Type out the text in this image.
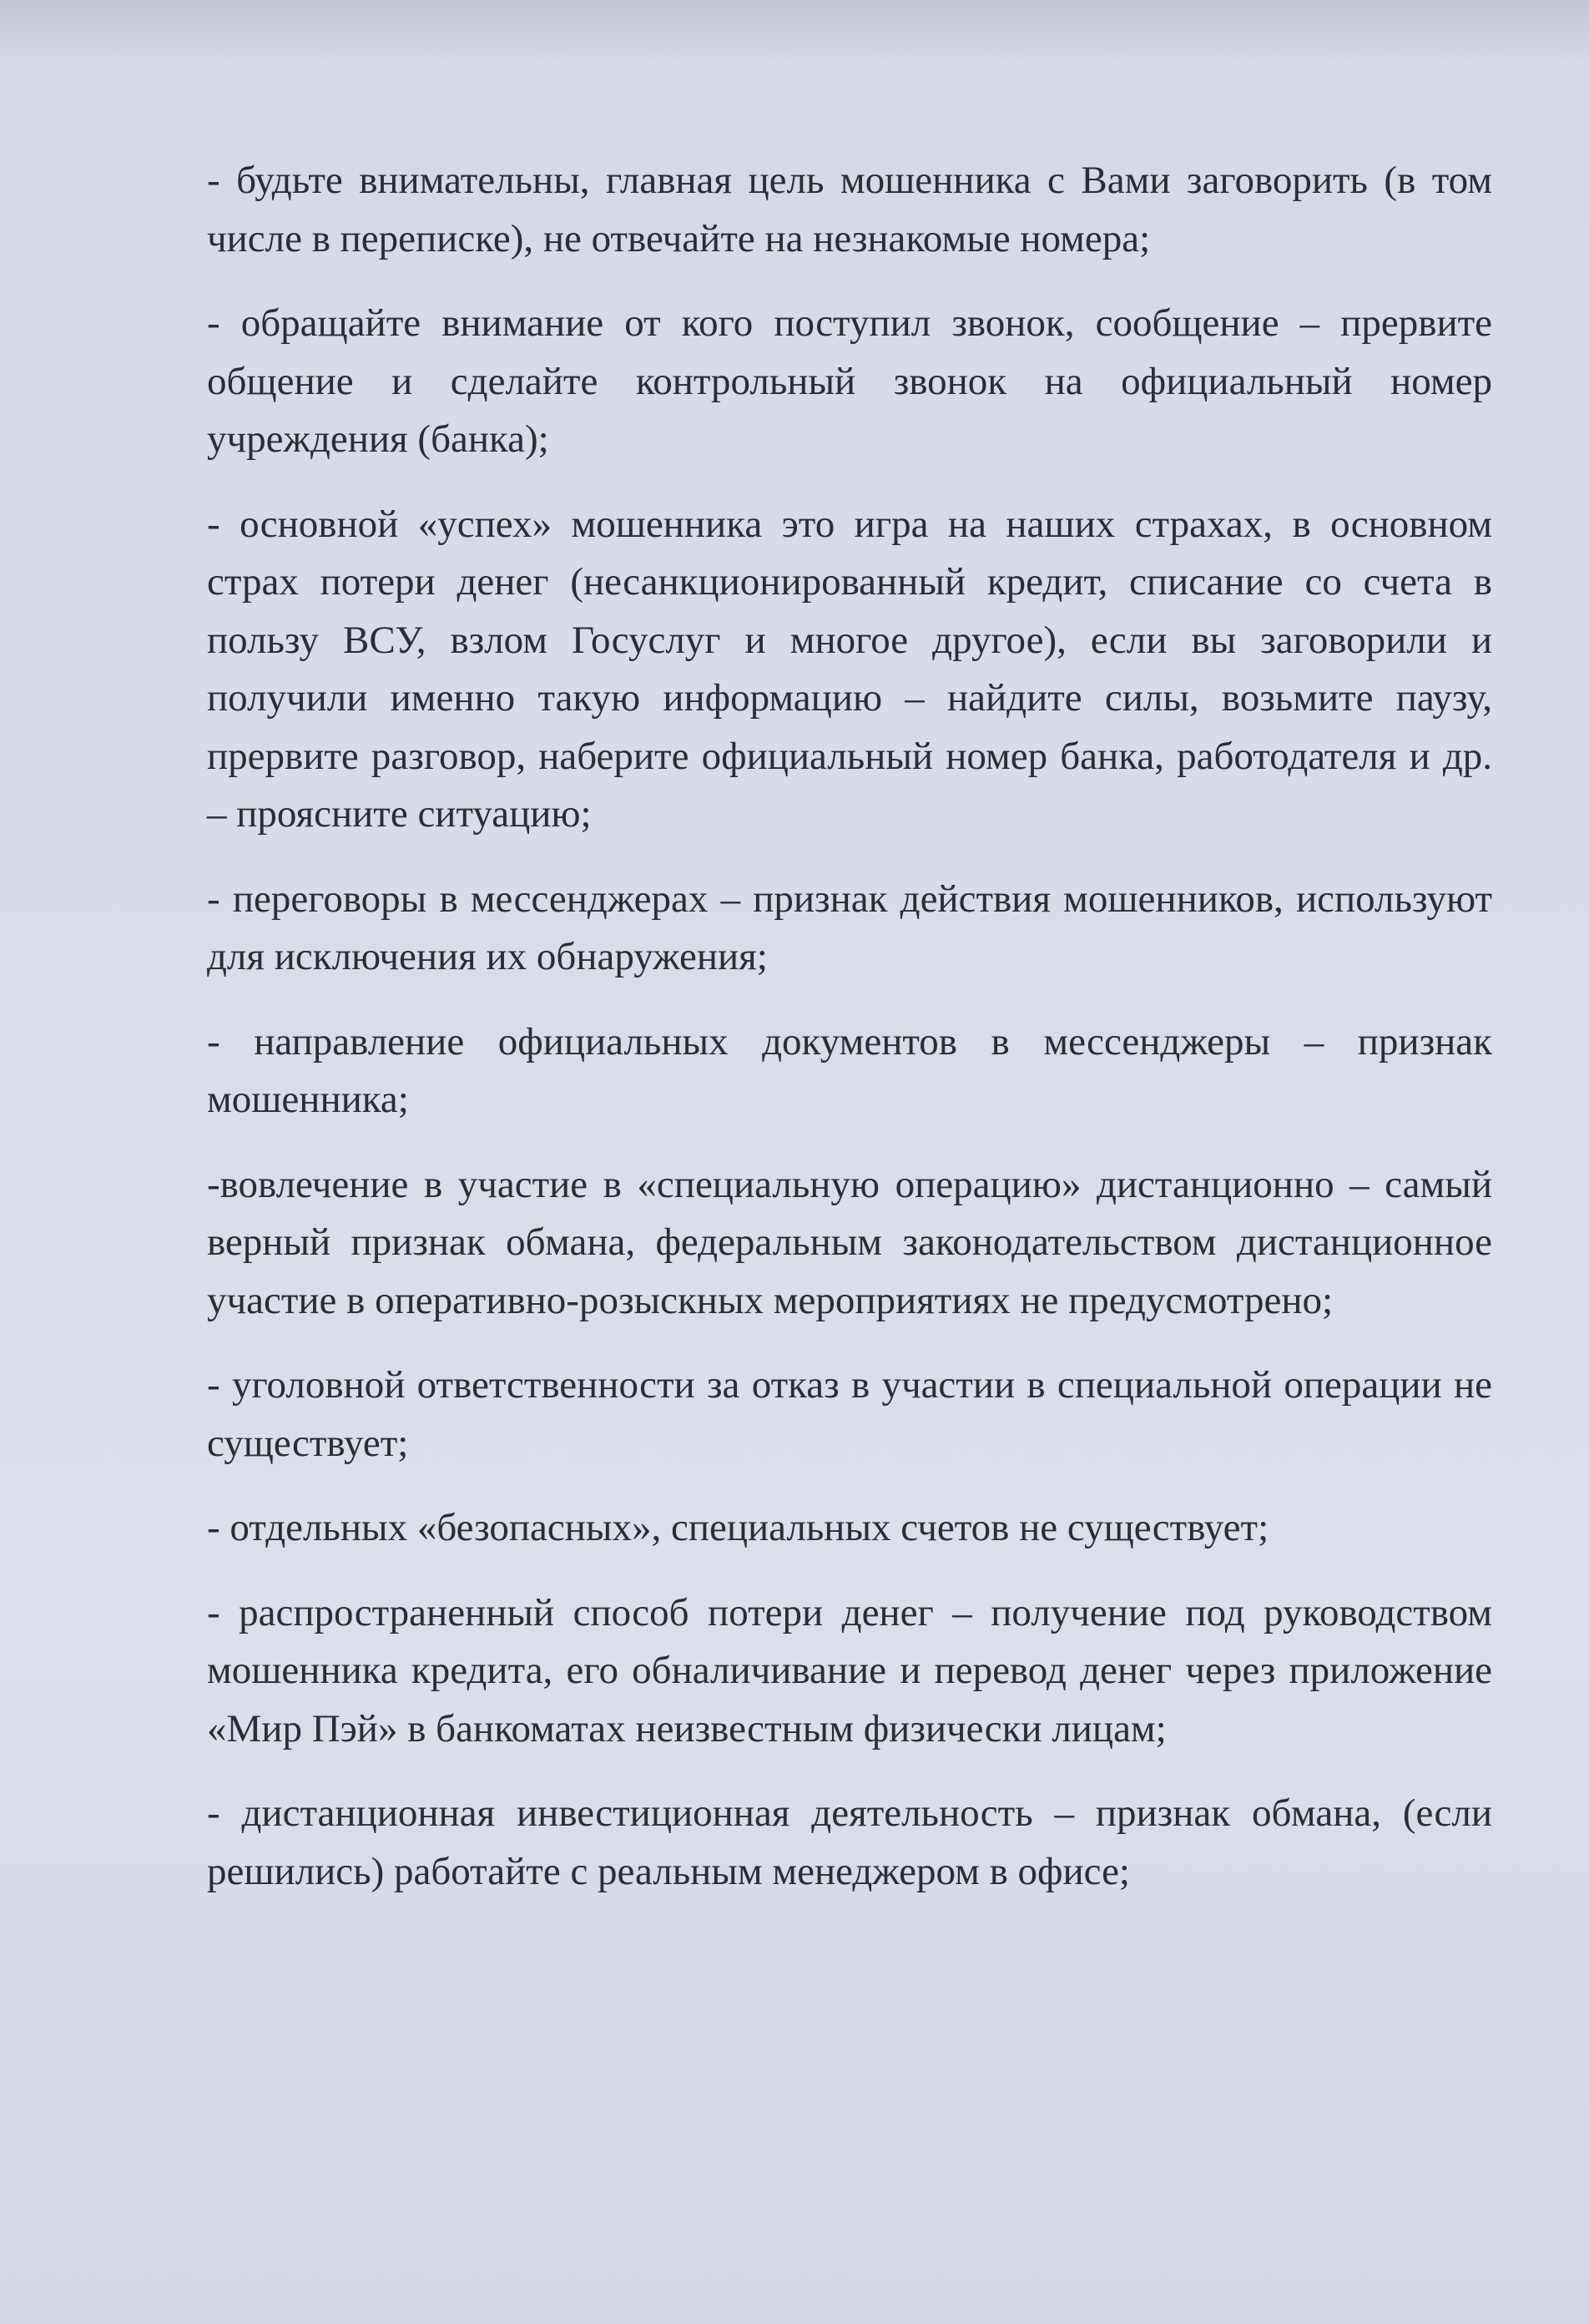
- будьте внимательны, главная цель мошенника с Вами заговорить (в том числе в переписке), не отвечайте на незнакомые номера;

- обращайте внимание от кого поступил звонок, сообщение – прервите общение и сделайте контрольный звонок на официальный номер учреждения (банка);

- основной «успех» мошенника это игра на наших страхах, в основном страх потери денег (несанкционированный кредит, списание со счета в пользу ВСУ, взлом Госуслуг и многое другое), если вы заговорили и получили именно такую информацию – найдите силы, возьмите паузу, прервите разговор, наберите официальный номер банка, работодателя и др. – проясните ситуацию;

- переговоры в мессенджерах – признак действия мошенников, используют для исключения их обнаружения;

- направление официальных документов в мессенджеры – признак мошенника;

-вовлечение в участие в «специальную операцию» дистанционно – самый верный признак обмана, федеральным законодательством дистанционное участие в оперативно-розыскных мероприятиях не предусмотрено;

- уголовной ответственности за отказ в участии в специальной операции не существует;

- отдельных «безопасных», специальных счетов не существует;

- распространенный способ потери денег – получение под руководством мошенника кредита, его обналичивание и перевод денег через приложение «Мир Пэй» в банкоматах неизвестным физически лицам;

- дистанционная инвестиционная деятельность – признак обмана, (если решились) работайте с реальным менеджером в офисе;
